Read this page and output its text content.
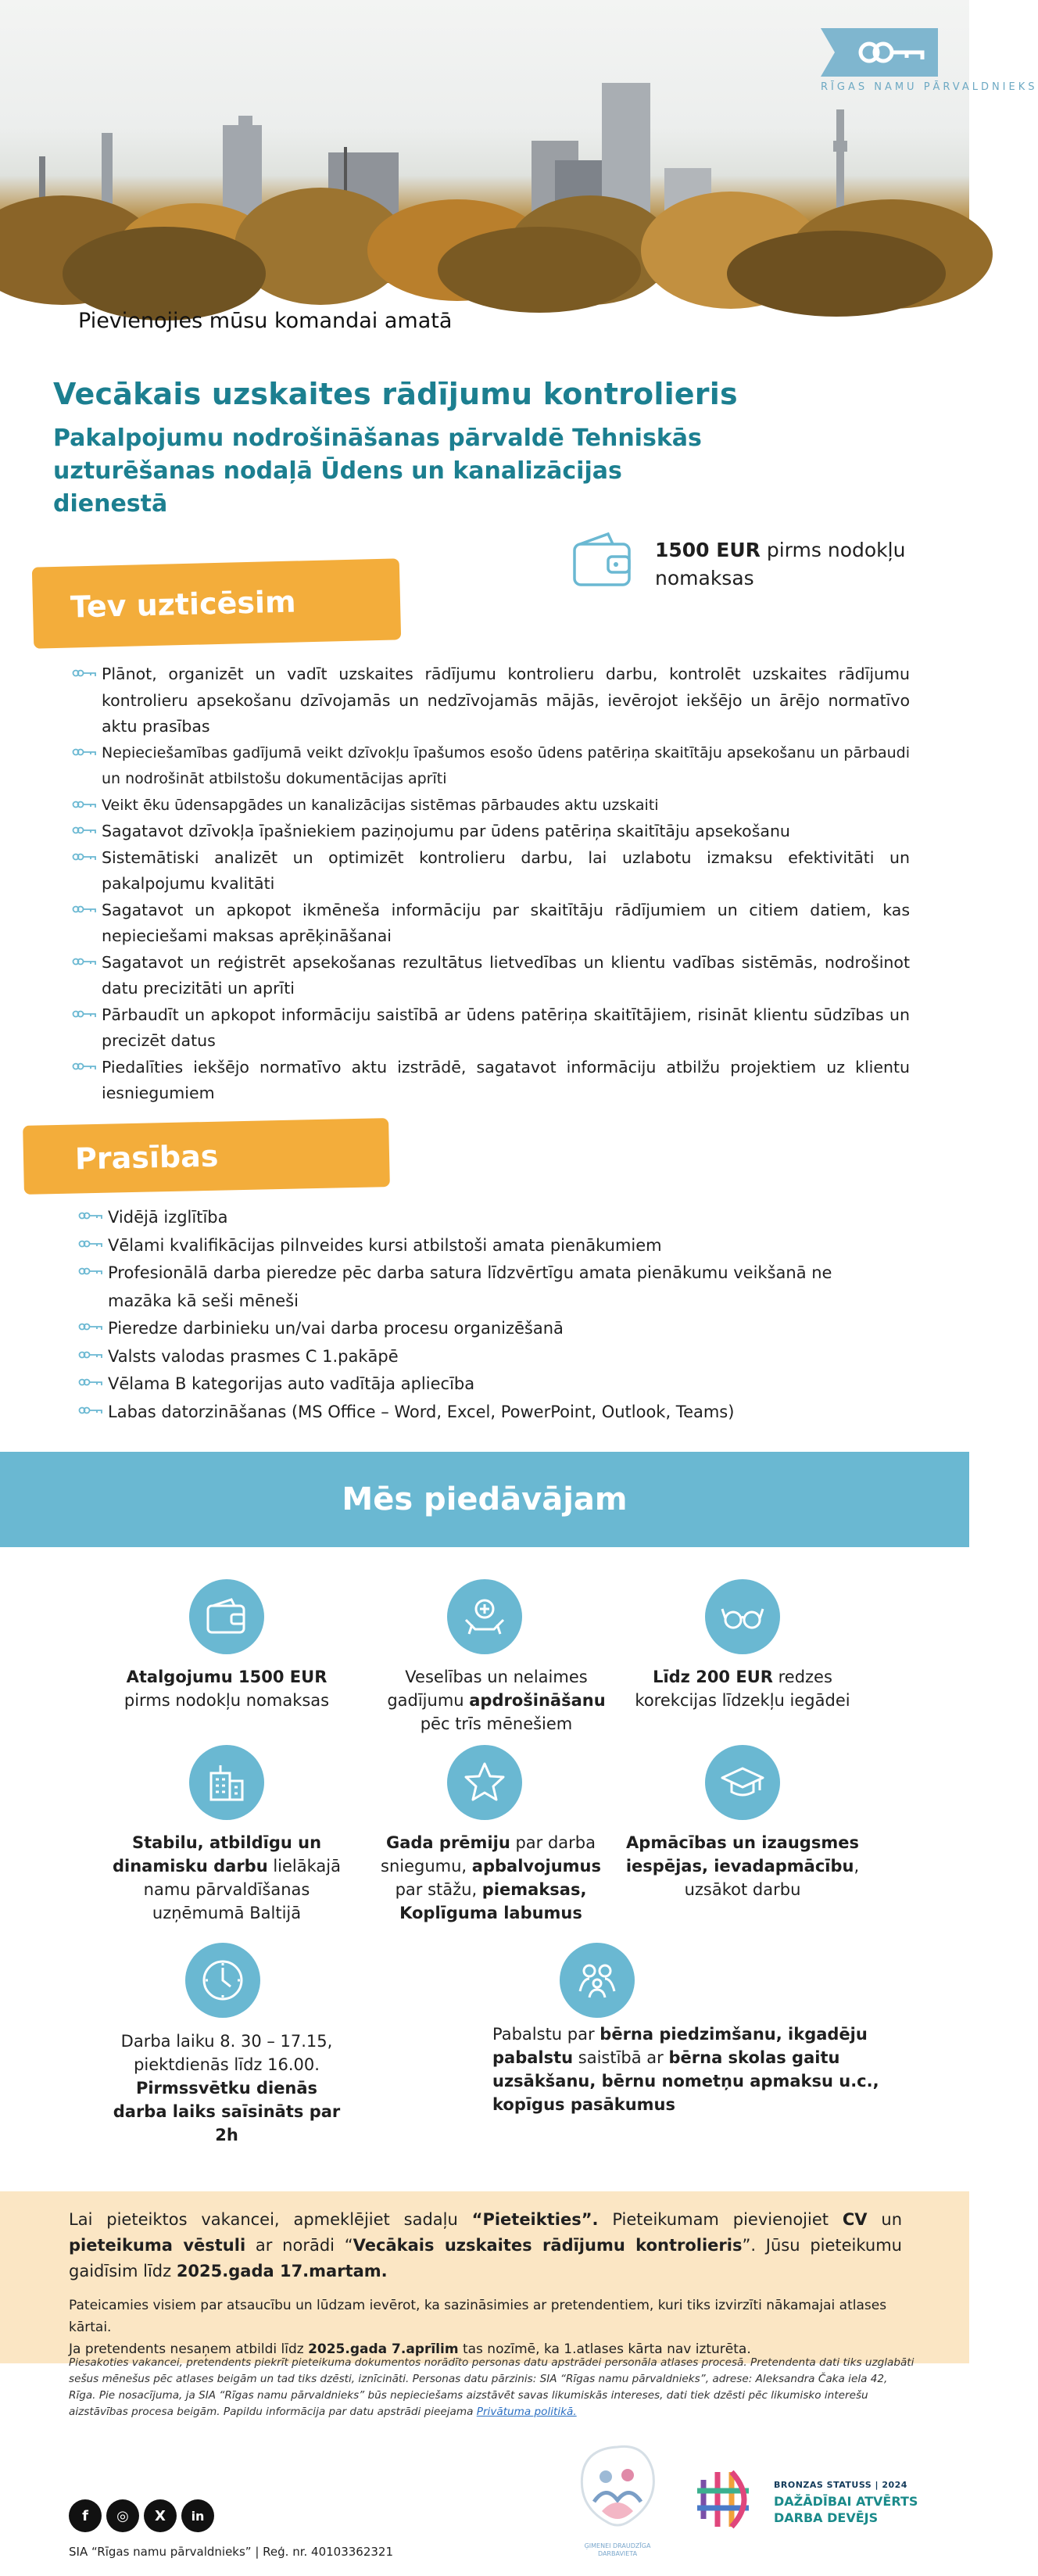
RĪGAS NAMU PĀRVALDNIEKS
Pievienojies mūsu komandai amatā
Vecākais uzskaites rādījumu kontrolieris
Pakalpojumu nodrošināšanas pārvaldē Tehniskās uzturēšanas nodaļā Ūdens un kanalizācijas dienestā
1500 EUR pirms nodokļu nomaksas
Tev uzticēsim
Plānot, organizēt un vadīt uzskaites rādījumu kontrolieru darbu, kontrolēt uzskaites rādījumu kontrolieru apsekošanu dzīvojamās un nedzīvojamās mājās, ievērojot iekšējo un ārējo normatīvo aktu prasības
Nepieciešamības gadījumā veikt dzīvokļu īpašumos esošo ūdens patēriņa skaitītāju apsekošanu un pārbaudi un nodrošināt atbilstošu dokumentācijas aprīti
Veikt ēku ūdensapgādes un kanalizācijas sistēmas pārbaudes aktu uzskaiti
Sagatavot dzīvokļa īpašniekiem paziņojumu par ūdens patēriņa skaitītāju apsekošanu
Sistemātiski analizēt un optimizēt kontrolieru darbu, lai uzlabotu izmaksu efektivitāti un pakalpojumu kvalitāti
Sagatavot un apkopot ikmēneša informāciju par skaitītāju rādījumiem un citiem datiem, kas nepieciešami maksas aprēķināšanai
Sagatavot un reģistrēt apsekošanas rezultātus lietvedības un klientu vadības sistēmās, nodrošinot datu precizitāti un aprīti
Pārbaudīt un apkopot informāciju saistībā ar ūdens patēriņa skaitītājiem, risināt klientu sūdzības un precizēt datus
Piedalīties iekšējo normatīvo aktu izstrādē, sagatavot informāciju atbilžu projektiem uz klientu iesniegumiem
Prasības
Vidējā izglītība
Vēlami kvalifikācijas pilnveides kursi atbilstoši amata pienākumiem
Profesionālā darba pieredze pēc darba satura līdzvērtīgu amata pienākumu veikšanā ne mazāka kā seši mēneši
Pieredze darbinieku un/vai darba procesu organizēšanā
Valsts valodas prasmes C 1.pakāpē
Vēlama B kategorijas auto vadītāja apliecība
Labas datorzināšanas (MS Office – Word, Excel, PowerPoint, Outlook, Teams)
Mēs piedāvājam
Atalgojumu 1500 EUR
pirms nodokļu nomaksas
Veselības un nelaimes gadījumu apdrošināšanu pēc trīs mēnešiem
Līdz 200 EUR redzes korekcijas līdzekļu iegādei
Stabilu, atbildīgu un dinamisku darbu lielākajā namu pārvaldīšanas uzņēmumā Baltijā
Gada prēmiju par darba sniegumu, apbalvojumus par stāžu, piemaksas, Koplīguma labumus
Apmācības un izaugsmes iespējas, ievadapmācību, uzsākot darbu
Darba laiku 8. 30 – 17.15,
piektdienās līdz 16.00.
Pirmssvētku dienās darba laiks saīsināts par 2h
Pabalstu par bērna piedzimšanu, ikgadēju pabalstu saistībā ar bērna skolas gaitu uzsākšanu, bērnu nometņu apmaksu u.c., kopīgus pasākumus
Lai pieteiktos vakancei, apmeklējiet sadaļu “Pieteikties”. Pieteikumam pievienojiet CV un pieteikuma vēstuli ar norādi “Vecākais uzskaites rādījumu kontrolieris”. Jūsu pieteikumu gaidīsim līdz 2025.gada 17.martam.
Pateicamies visiem par atsaucību un lūdzam ievērot, ka sazināsimies ar pretendentiem, kuri tiks izvirzīti nākamajai atlases kārtai.
Ja pretendents nesaņem atbildi līdz 2025.gada 7.aprīlim tas nozīmē, ka 1.atlases kārta nav izturēta.
Piesakoties vakancei, pretendents piekrīt pieteikuma dokumentos norādīto personas datu apstrādei personāla atlases procesā. Pretendenta dati tiks uzglabāti sešus mēnešus pēc atlases beigām un tad tiks dzēsti, iznīcināti. Personas datu pārzinis: SIA “Rīgas namu pārvaldnieks”, adrese: Aleksandra Čaka iela 42, Rīga. Pie nosacījuma, ja SIA “Rīgas namu pārvaldnieks” būs nepieciešams aizstāvēt savas likumiskās intereses, dati tiek dzēsti pēc likumisko interešu aizstāvības procesa beigām. Papildu informācija par datu apstrādi pieejama Privātuma politikā.
f ◎ X in
SIA “Rīgas namu pārvaldnieks” | Reģ. nr. 40103362321	ĢIMENEI DRAUDZĪGA DARBAVIETA
BRONZAS STATUSS | 2024
DAŽĀDĪBAI ATVĒRTS
DARBA DEVĒJS
